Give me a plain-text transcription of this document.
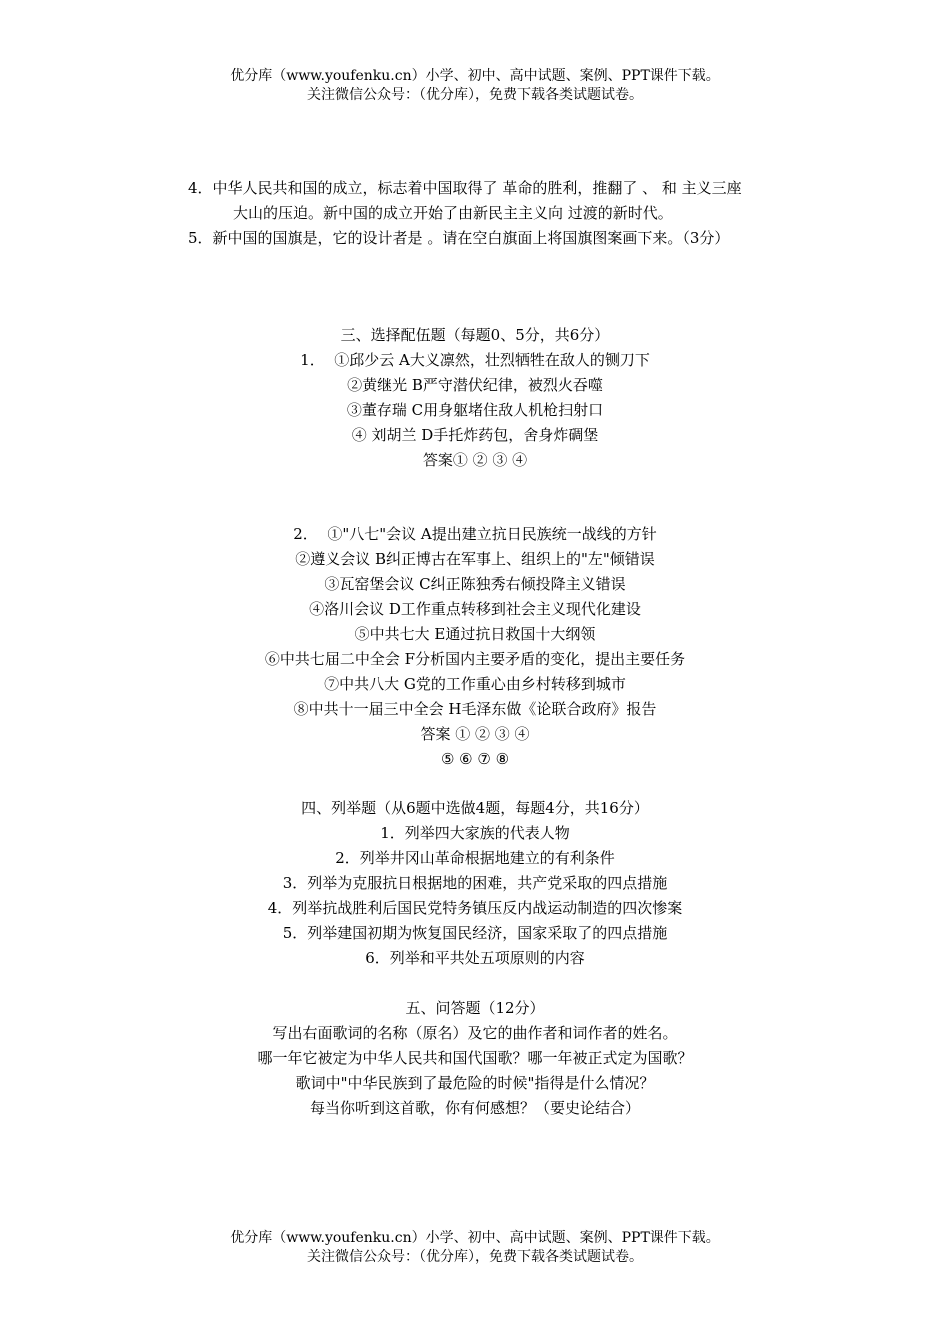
优分库（www.youfenku.cn）小学、初中、高中试题、案例、PPT课件下载。
关注微信公众号：（优分库），免费下载各类试题试卷。
4．中华人民共和国的成立，标志着中国取得了 革命的胜利，推翻了 、 和 主义三座
大山的压迫。新中国的成立开始了由新民主主义向 过渡的新时代。
5．新中国的国旗是，它的设计者是 。请在空白旗面上将国旗图案画下来。（3分）
三、选择配伍题（每题0、5分，共6分）
1．  ①邱少云 A大义凛然，壮烈牺牲在敌人的铡刀下
②黄继光 B严守潜伏纪律，被烈火吞噬
③董存瑞 C用身躯堵住敌人机枪扫射口
④ 刘胡兰 D手托炸药包，舍身炸碉堡
答案① ② ③ ④
2．  ①"八七"会议 A提出建立抗日民族统一战线的方针
②遵义会议 B纠正博古在军事上、组织上的"左"倾错误
③瓦窑堡会议 C纠正陈独秀右倾投降主义错误
④洛川会议 D工作重点转移到社会主义现代化建设
⑤中共七大 E通过抗日救国十大纲领
⑥中共七届二中全会 F分析国内主要矛盾的变化，提出主要任务
⑦中共八大 G党的工作重心由乡村转移到城市
⑧中共十一届三中全会 H毛泽东做《论联合政府》报告
答案 ① ② ③ ④
⑤ ⑥ ⑦ ⑧
四、列举题（从6题中选做4题，每题4分，共16分）
1．列举四大家族的代表人物
2．列举井冈山革命根据地建立的有利条件
3．列举为克服抗日根据地的困难，共产党采取的四点措施
4．列举抗战胜利后国民党特务镇压反内战运动制造的四次惨案
5．列举建国初期为恢复国民经济，国家采取了的四点措施
6．列举和平共处五项原则的内容
五、问答题（12分）
写出右面歌词的名称（原名）及它的曲作者和词作者的姓名。
哪一年它被定为中华人民共和国代国歌？哪一年被正式定为国歌？
歌词中"中华民族到了最危险的时候"指得是什么情况？
每当你听到这首歌，你有何感想？（要史论结合）
优分库（www.youfenku.cn）小学、初中、高中试题、案例、PPT课件下载。
关注微信公众号：（优分库），免费下载各类试题试卷。
